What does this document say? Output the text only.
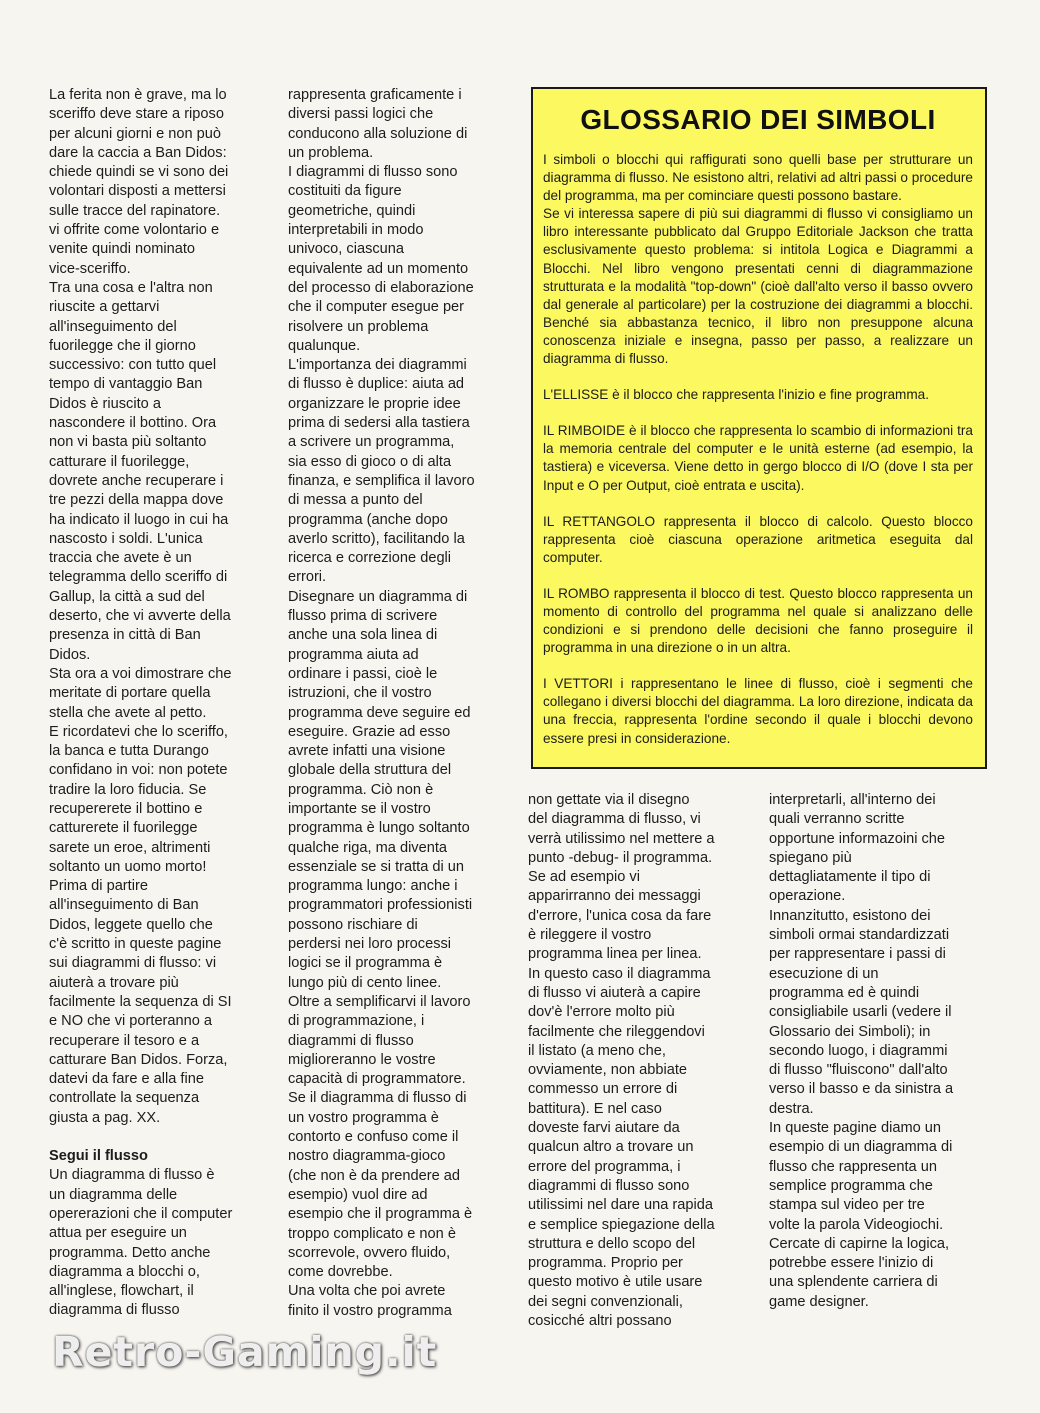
La ferita non è grave, ma lo
sceriffo deve stare a riposo
per alcuni giorni e non può
dare la caccia a Ban Didos:
chiede quindi se vi sono dei
volontari disposti a mettersi
sulle tracce del rapinatore.
vi offrite come volontario e
venite quindi nominato
vice-sceriffo.

Tra una cosa e l'altra non
riuscite a gettarvi
all'inseguimento del
fuorilegge che il giorno
successivo: con tutto quel
tempo di vantaggio Ban
Didos è riuscito a
nascondere il bottino. Ora
non vi basta più soltanto
catturare il fuorilegge,
dovrete anche recuperare i
tre pezzi della mappa dove
ha indicato il luogo in cui ha
nascosto i soldi. L'unica
traccia che avete è un
telegramma dello sceriffo di
Gallup, la città a sud del
deserto, che vi avverte della
presenza in città di Ban
Didos.

Sta ora a voi dimostrare che
meritate di portare quella
stella che avete al petto.

E ricordatevi che lo sceriffo,
la banca e tutta Durango
confidano in voi: non potete
tradire la loro fiducia. Se
recupererete il bottino e
catturerete il fuorilegge
sarete un eroe, altrimenti
soltanto un uomo morto!

Prima di partire
all'inseguimento di Ban
Didos, leggete quello che
c'è scritto in queste pagine
sui diagrammi di flusso: vi
aiuterà a trovare più
facilmente la sequenza di SI
e NO che vi porteranno a
recuperare il tesoro e a
catturare Ban Didos. Forza,
datevi da fare e alla fine
controllate la sequenza
giusta a pag. XX.

Segui il flusso

Un diagramma di flusso è
un diagramma delle
opererazioni che il computer
attua per eseguire un
programma. Detto anche
diagramma a blocchi o,
all'inglese, flowchart, il
diagramma di flusso

rappresenta graficamente i
diversi passi logici che
conducono alla soluzione di
un problema.

I diagrammi di flusso sono
costituiti da figure
geometriche, quindi
interpretabili in modo
univoco, ciascuna
equivalente ad un momento
del processo di elaborazione
che il computer esegue per
risolvere un problema
qualunque.

L'importanza dei diagrammi
di flusso è duplice: aiuta ad
organizzare le proprie idee
prima di sedersi alla tastiera
a scrivere un programma,
sia esso di gioco o di alta
finanza, e semplifica il lavoro
di messa a punto del
programma (anche dopo
averlo scritto), facilitando la
ricerca e correzione degli
errori.

Disegnare un diagramma di
flusso prima di scrivere
anche una sola linea di
programma aiuta ad
ordinare i passi, cioè le
istruzioni, che il vostro
programma deve seguire ed
eseguire. Grazie ad esso
avrete infatti una visione
globale della struttura del
programma. Ciò non è
importante se il vostro
programma è lungo soltanto
qualche riga, ma diventa
essenziale se si tratta di un
programma lungo: anche i
programmatori professionisti
possono rischiare di
perdersi nei loro processi
logici se il programma è
lungo più di cento linee.

Oltre a semplificarvi il lavoro
di programmazione, i
diagrammi di flusso
miglioreranno le vostre
capacità di programmatore.

Se il diagramma di flusso di
un vostro programma è
contorto e confuso come il
nostro diagramma-gioco
(che non è da prendere ad
esempio) vuol dire ad
esempio che il programma è
troppo complicato e non è
scorrevole, ovvero fluido,
come dovrebbe.

Una volta che poi avrete
finito il vostro programma

GLOSSARIO DEI SIMBOLI

I simboli o blocchi qui raffigurati sono quelli base per strutturare un diagramma di flusso. Ne esistono altri, relativi ad altri passi o procedure del programma, ma per cominciare questi possono bastare.

Se vi interessa sapere di più sui diagrammi di flusso vi consigliamo un libro interessante pubblicato dal Gruppo Editoriale Jackson che tratta esclusivamente questo problema: si intitola Logica e Diagrammi a Blocchi. Nel libro vengono presentati cenni di diagrammazione strutturata e la modalità "top-down" (cioè dall'alto verso il basso ovvero dal generale al particolare) per la costruzione dei diagrammi a blocchi. Benché sia abbastanza tecnico, il libro non presuppone alcuna conoscenza iniziale e insegna, passo per passo, a realizzare un diagramma di flusso.

L'ELLISSE è il blocco che rappresenta l'inizio e fine programma.

IL RIMBOIDE è il blocco che rappresenta lo scambio di informazioni tra la memoria centrale del computer e le unità esterne (ad esempio, la tastiera) e viceversa. Viene detto in gergo blocco di I/O (dove I sta per Input e O per Output, cioè entrata e uscita).

IL RETTANGOLO rappresenta il blocco di calcolo. Questo blocco rappresenta cioè ciascuna operazione aritmetica eseguita dal computer.

IL ROMBO rappresenta il blocco di test. Questo blocco rappresenta un momento di controllo del programma nel quale si analizzano delle condizioni e si prendono delle decisioni che fanno proseguire il programma in una direzione o in un altra.

I VETTORI i rappresentano le linee di flusso, cioè i segmenti che collegano i diversi blocchi del diagramma. La loro direzione, indicata da una freccia, rappresenta l'ordine secondo il quale i blocchi devono essere presi in considerazione.

non gettate via il disegno
del diagramma di flusso, vi
verrà utilissimo nel mettere a
punto -debug- il programma.

Se ad esempio vi
apparirranno dei messaggi
d'errore, l'unica cosa da fare
è rileggere il vostro
programma linea per linea.

In questo caso il diagramma
di flusso vi aiuterà a capire
dov'è l'errore molto più
facilmente che rileggendovi
il listato (a meno che,
ovviamente, non abbiate
commesso un errore di
battitura). E nel caso
doveste farvi aiutare da
qualcun altro a trovare un
errore del programma, i
diagrammi di flusso sono
utilissimi nel dare una rapida
e semplice spiegazione della
struttura e dello scopo del
programma. Proprio per
questo motivo è utile usare
dei segni convenzionali,
cosicché altri possano

interpretarli, all'interno dei
quali verranno scritte
opportune informazoini che
spiegano più
dettagliatamente il tipo di
operazione.

Innanzitutto, esistono dei
simboli ormai standardizzati
per rappresentare i passi di
esecuzione di un
programma ed è quindi
consigliabile usarli (vedere il
Glossario dei Simboli); in
secondo luogo, i diagrammi
di flusso "fluiscono" dall'alto
verso il basso e da sinistra a
destra.

In queste pagine diamo un
esempio di un diagramma di
flusso che rappresenta un
semplice programma che
stampa sul video per tre
volte la parola Videogiochi.
Cercate di capirne la logica,
potrebbe essere l'inizio di
una splendente carriera di
game designer.

Retro-Gaming.it
